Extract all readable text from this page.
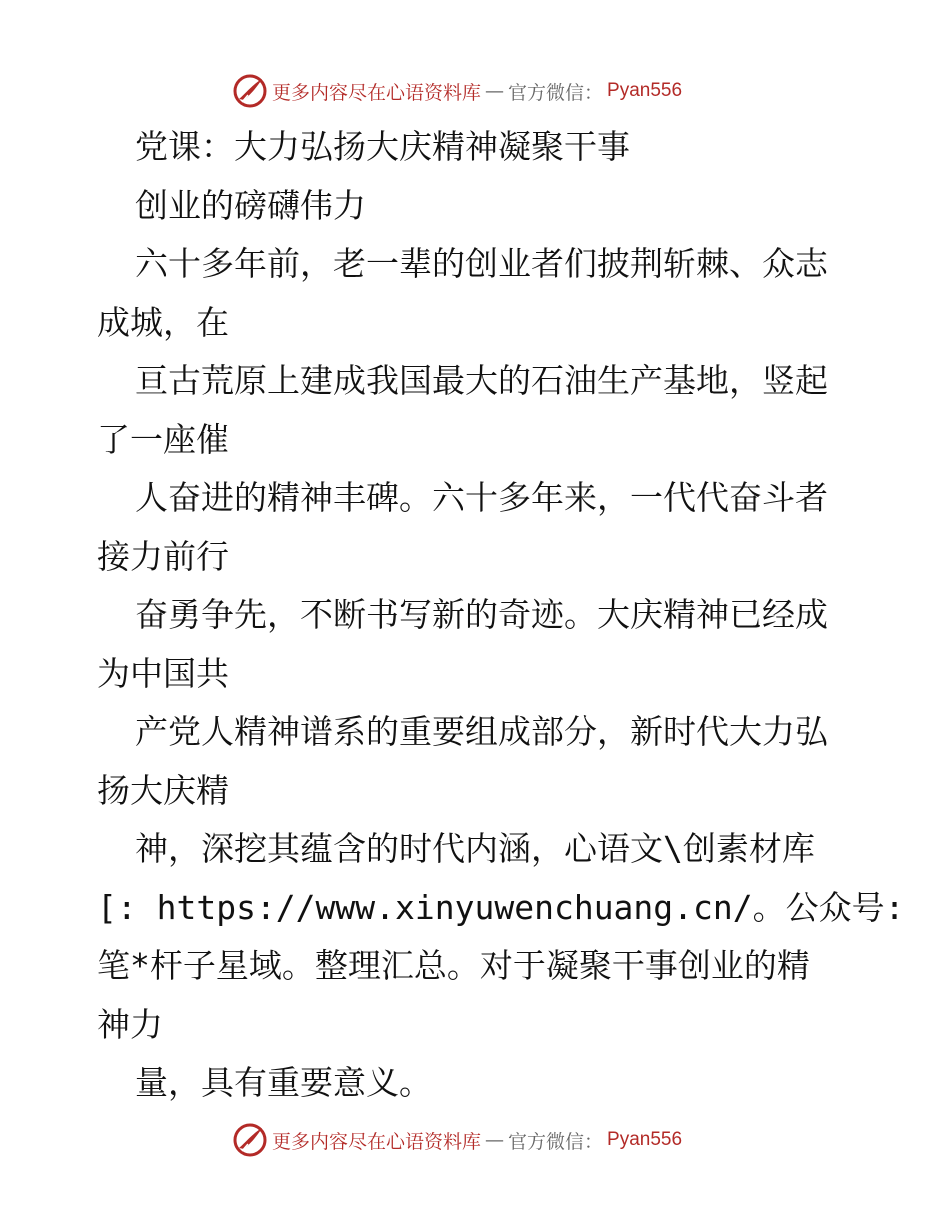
更多内容尽在心语资料库 — 官方微信： Pyan556
党课：大力弘扬大庆精神凝聚干事
创业的磅礴伟力
六十多年前，老一辈的创业者们披荆斩棘、众志
成城，在
亘古荒原上建成我国最大的石油生产基地，竖起
了一座催
人奋进的精神丰碑。六十多年来，一代代奋斗者
接力前行
奋勇争先，不断书写新的奇迹。大庆精神已经成
为中国共
产党人精神谱系的重要组成部分，新时代大力弘
扬大庆精
神，深挖其蕴含的时代内涵，心语文\创素材库
[: https://www.xinyuwenchuang.cn/。公众号:
笔*杆子星域。整理汇总。对于凝聚干事创业的精
神力
量，具有重要意义。
更多内容尽在心语资料库 — 官方微信： Pyan556
